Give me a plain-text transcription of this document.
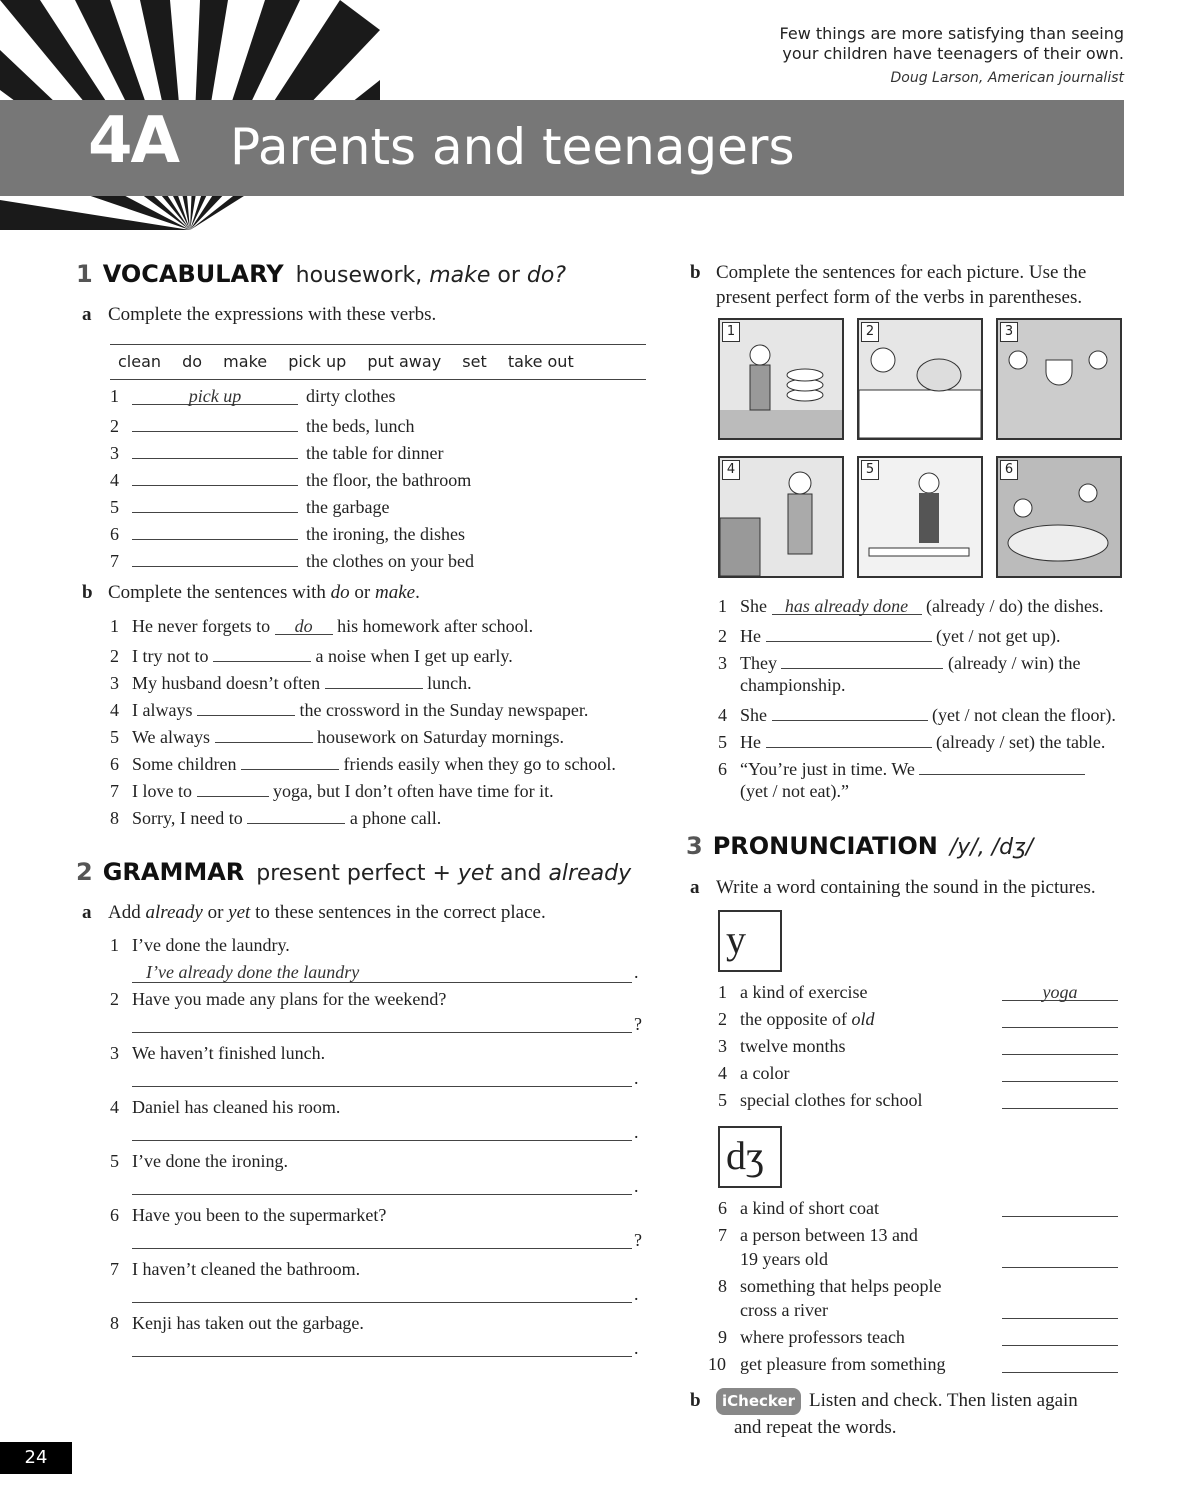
Few things are more satisfying than seeing
your children have teenagers of their own.
Doug Larson, American journalist
4A Parents and teenagers
1 VOCABULARY housework, make or do?
a Complete the expressions with these verbs.
clean do make pick up put away set take out
1	pick up	dirty clothes
2	the beds, lunch
3	the table for dinner
4	the floor, the bathroom
5	the garbage
6	the ironing, the dishes
7	the clothes on your bed
b Complete the sentences with do or make.
1 He never forgets to do his homework after school.
2 I try not to	a noise when I get up early.
3 My husband doesn’t often	lunch.
4 I always	the crossword in the Sunday newspaper.
5 We always	housework on Saturday mornings.
6 Some children	friends easily when they go to school.
7 I love to	yoga, but I don’t often have time for it.
8 Sorry, I need to	a phone call.
2 GRAMMAR present perfect + yet and already
a Add already or yet to these sentences in the correct place.
1 I’ve done the laundry.
I’ve already done the laundry	.
2 Have you made any plans for the weekend?
?
3 We haven’t finished lunch.
.
4 Daniel has cleaned his room.
.
5 I’ve done the ironing.
.
6 Have you been to the supermarket?
?
7 I haven’t cleaned the bathroom.
.
8 Kenji has taken out the garbage.
.
b Complete the sentences for each picture. Use the
present perfect form of the verbs in parentheses.
1	2	3
4	5	6
1 She has already done (already / do) the dishes.
2 He	(yet / not get up).
3 They	(already / win) the
championship.
4 She	(yet / not clean the floor).
5 He	(already / set) the table.
6 “You’re just in time. We
(yet / not eat).”
3 PRONUNCIATION /y/, /dʒ/
a Write a word containing the sound in the pictures.
y
1 a kind of exercise	yoga
2 the opposite of old
3 twelve months
4 a color
5 special clothes for school
dʒ
6 a kind of short coat
7 a person between 13 and
19 years old
8 something that helps people
cross a river
9 where professors teach
10 get pleasure from something
b iChecker Listen and check. Then listen again
and repeat the words.
24
